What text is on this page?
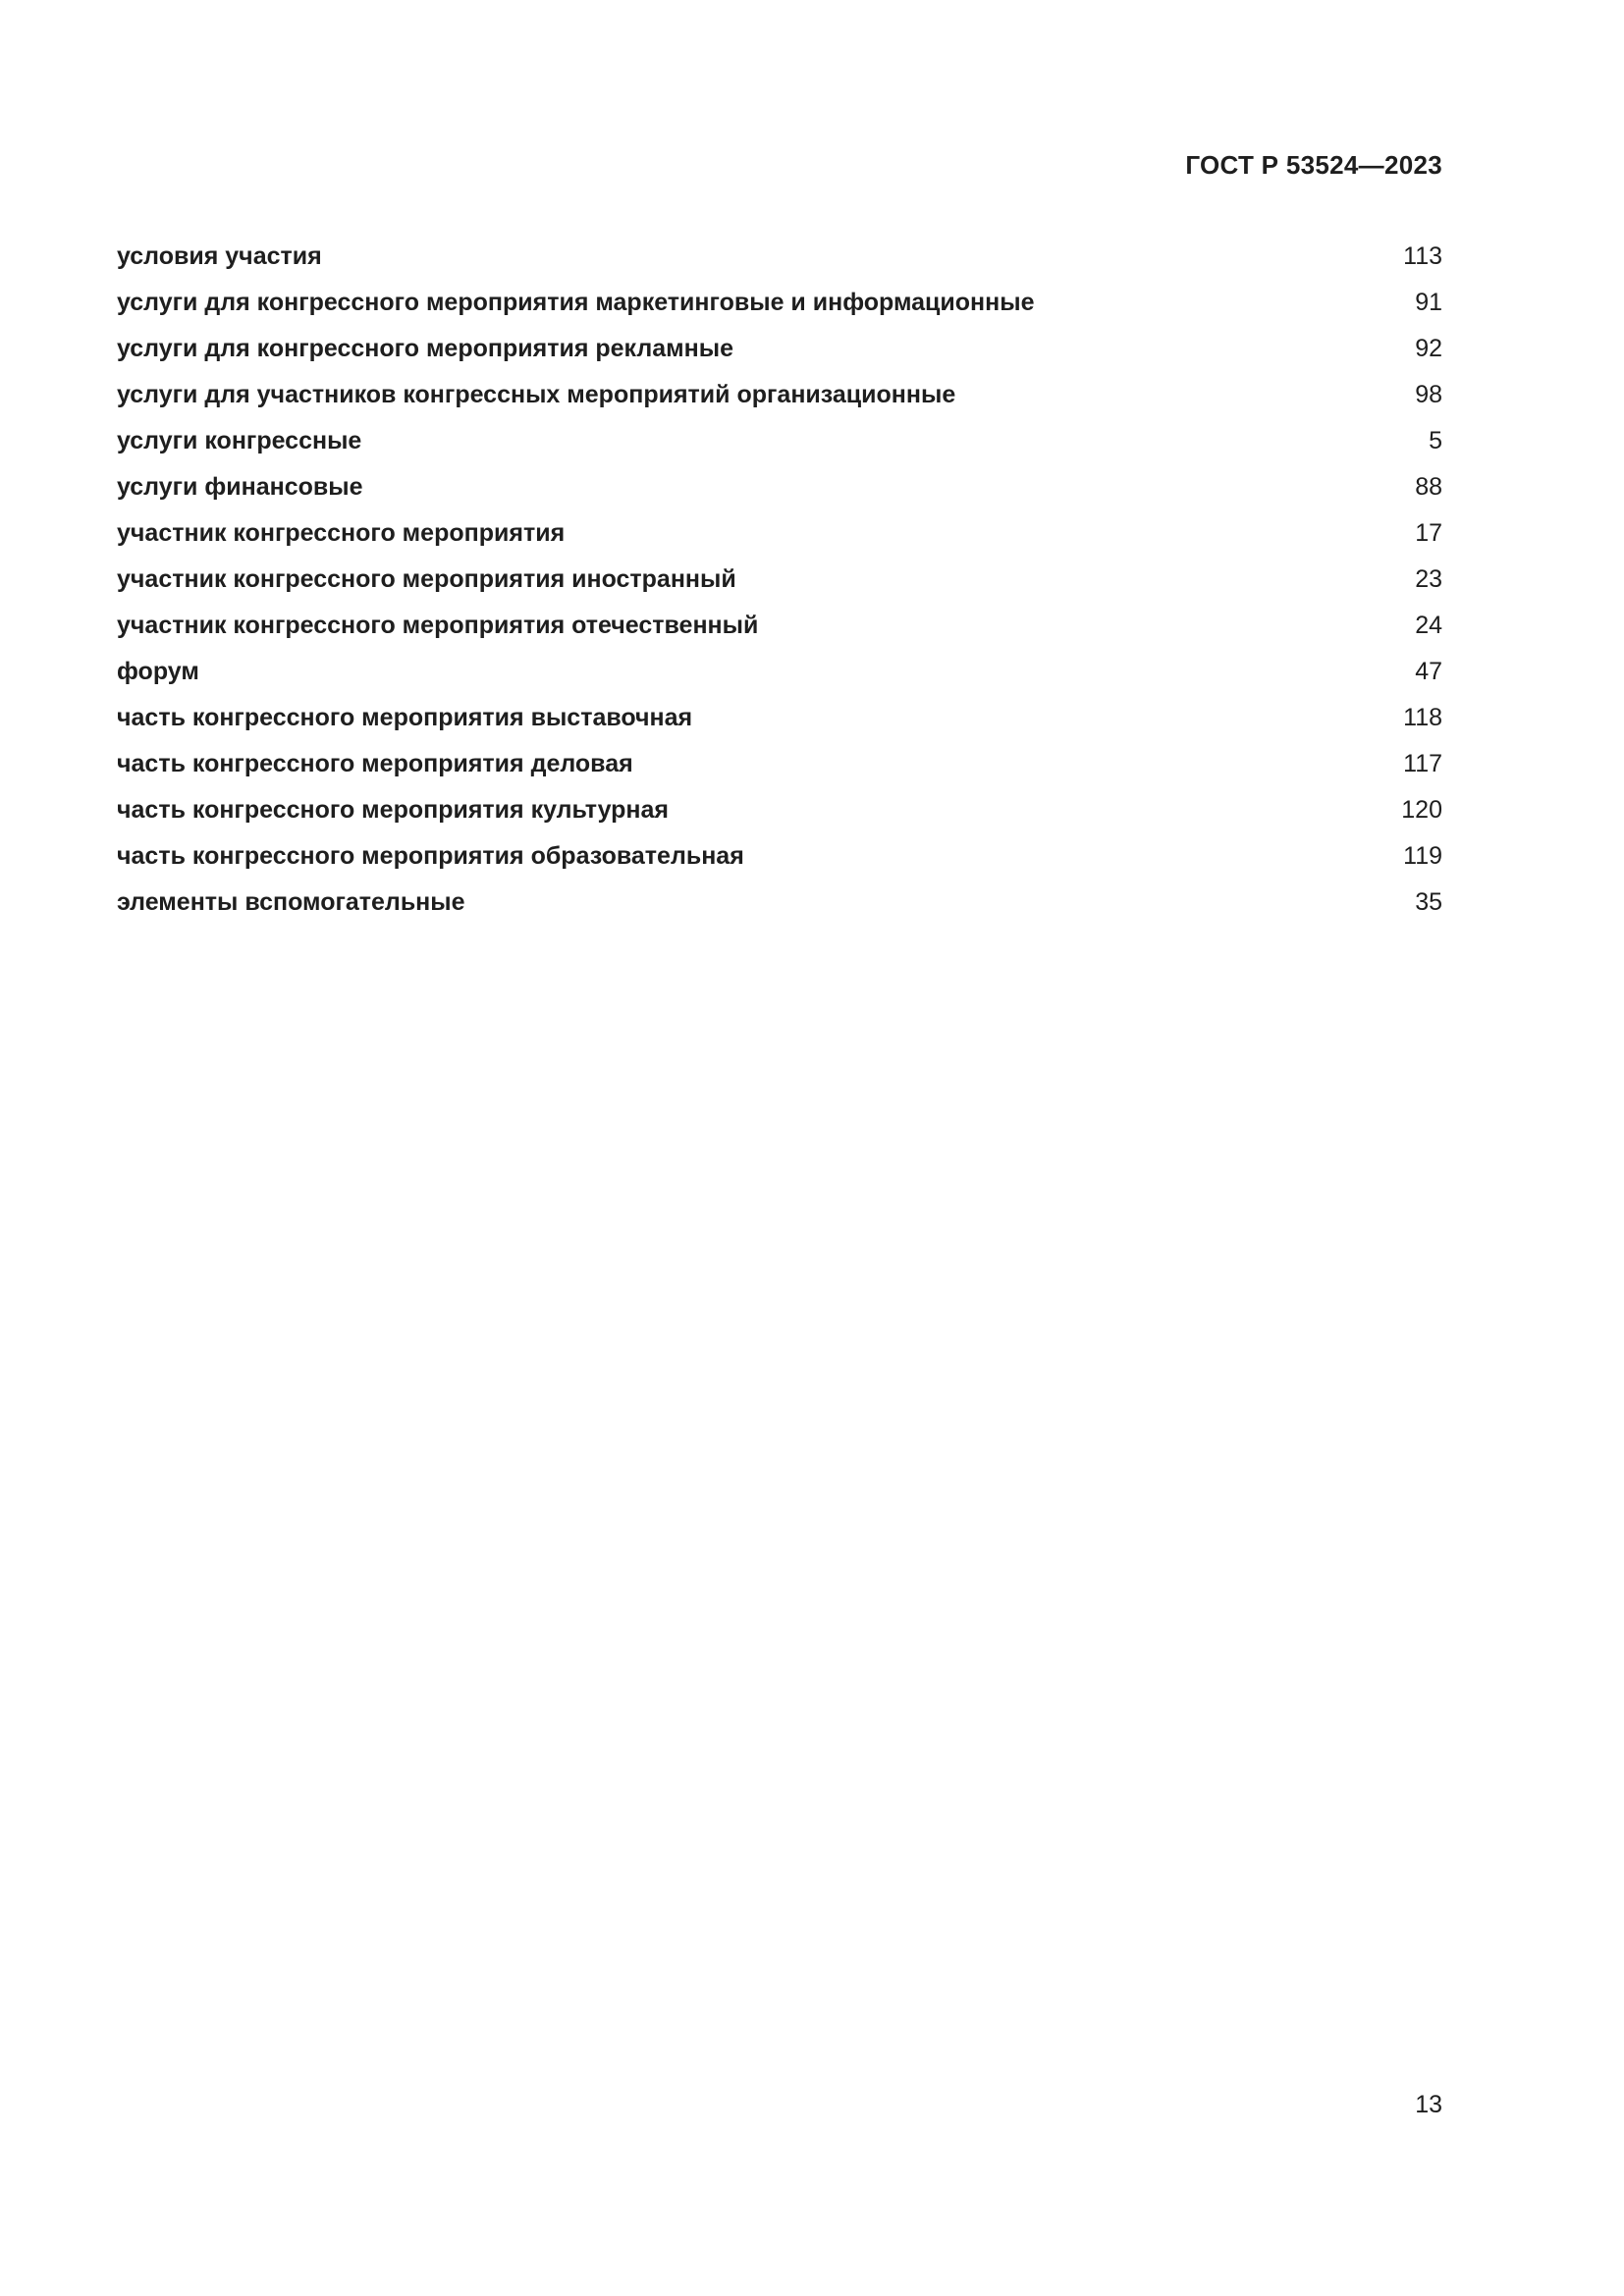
ГОСТ Р 53524—2023
условия участия	113
услуги для конгрессного мероприятия маркетинговые и информационные	91
услуги для конгрессного мероприятия рекламные	92
услуги для участников конгрессных мероприятий организационные	98
услуги конгрессные	5
услуги финансовые	88
участник конгрессного мероприятия	17
участник конгрессного мероприятия иностранный	23
участник конгрессного мероприятия отечественный	24
форум	47
часть конгрессного мероприятия выставочная	118
часть конгрессного мероприятия деловая	117
часть конгрессного мероприятия культурная	120
часть конгрессного мероприятия образовательная	119
элементы вспомогательные	35
13
